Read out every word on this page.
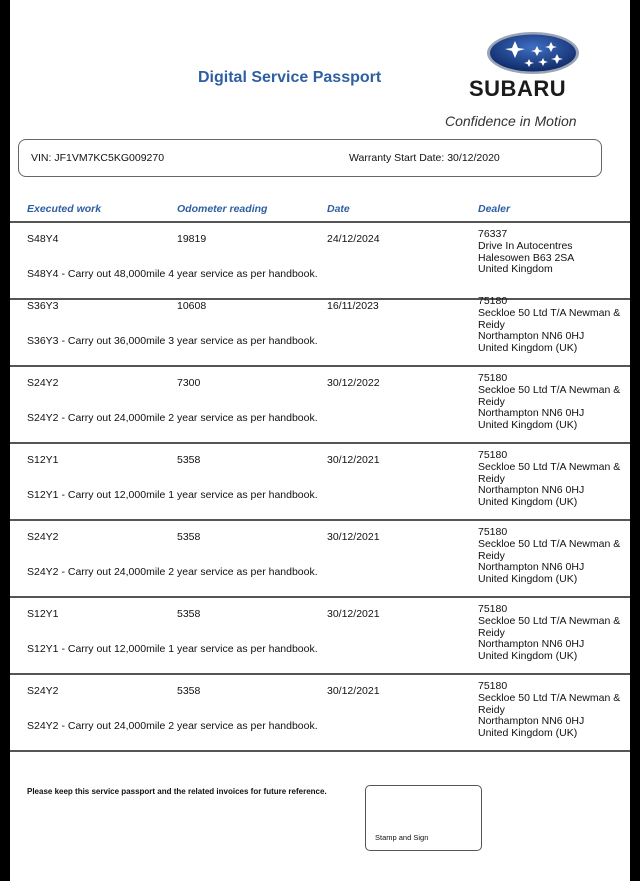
Digital Service Passport	SUBARU
Confidence in Motion
VIN: JF1VM7KC5KG009270	Warranty Start Date: 30/12/2020
Executed work	Odometer reading	Date	Dealer
S48Y4	19819	24/12/2024	76337
Drive In Autocentres
Halesowen B63 2SA
United Kingdom
S48Y4 - Carry out 48,000mile 4 year service as per handbook.
S36Y3	10608	16/11/2023	75180
Seckloe 50 Ltd T/A Newman & Reidy
Northampton NN6 0HJ
United Kingdom (UK)
S36Y3 - Carry out 36,000mile 3 year service as per handbook.
S24Y2	7300	30/12/2022	75180
Seckloe 50 Ltd T/A Newman & Reidy
Northampton NN6 0HJ
United Kingdom (UK)
S24Y2 - Carry out 24,000mile 2 year service as per handbook.
S12Y1	5358	30/12/2021	75180
Seckloe 50 Ltd T/A Newman & Reidy
Northampton NN6 0HJ
United Kingdom (UK)
S12Y1 - Carry out 12,000mile 1 year service as per handbook.
S24Y2	5358	30/12/2021	75180
Seckloe 50 Ltd T/A Newman & Reidy
Northampton NN6 0HJ
United Kingdom (UK)
S24Y2 - Carry out 24,000mile 2 year service as per handbook.
S12Y1	5358	30/12/2021	75180
Seckloe 50 Ltd T/A Newman & Reidy
Northampton NN6 0HJ
United Kingdom (UK)
S12Y1 - Carry out 12,000mile 1 year service as per handbook.
S24Y2	5358	30/12/2021	75180
Seckloe 50 Ltd T/A Newman & Reidy
Northampton NN6 0HJ
United Kingdom (UK)
S24Y2 - Carry out 24,000mile 2 year service as per handbook.
Please keep this service passport and the related invoices for future reference.
Stamp and Sign
